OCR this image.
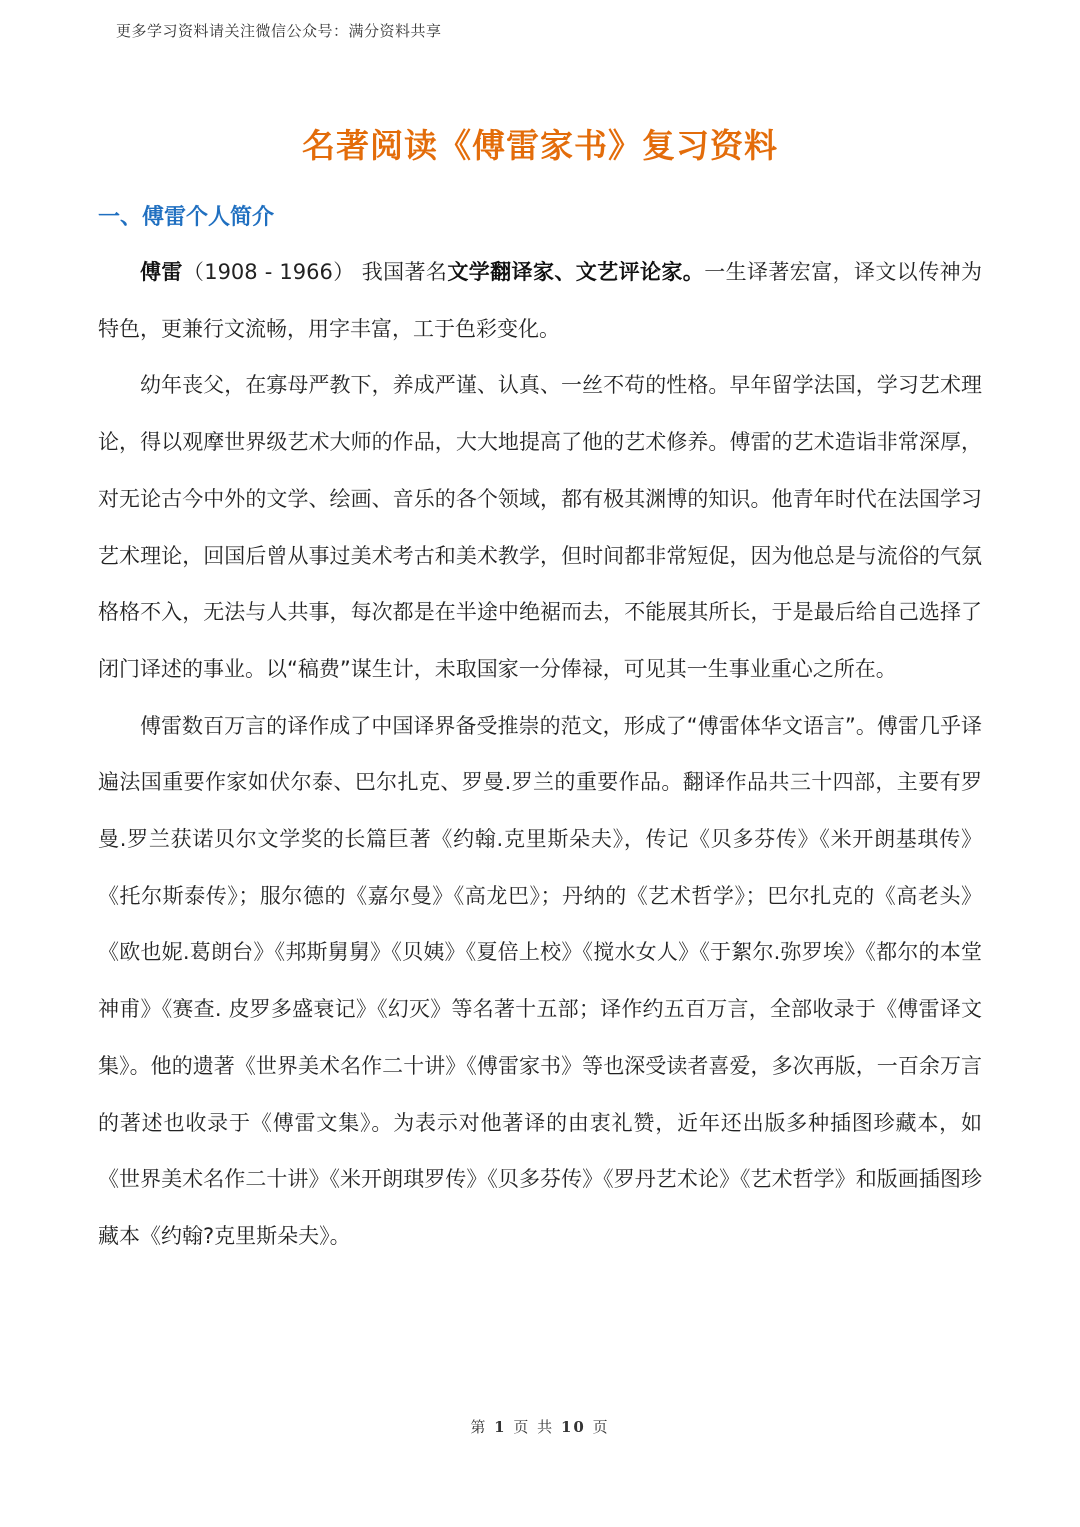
更多学习资料请关注微信公众号：满分资料共享
名著阅读《傅雷家书》复习资料
一、傅雷个人简介

傅雷（1908 - 1966） 我国著名文学翻译家、文艺评论家。一生译著宏富，译文以传神为特色，更兼行文流畅，用字丰富，工于色彩变化。

幼年丧父，在寡母严教下，养成严谨、认真、一丝不苟的性格。早年留学法国，学习艺术理论，得以观摩世界级艺术大师的作品，大大地提高了他的艺术修养。傅雷的艺术造诣非常深厚，对无论古今中外的文学、绘画、音乐的各个领域，都有极其渊博的知识。他青年时代在法国学习艺术理论，回国后曾从事过美术考古和美术教学，但时间都非常短促，因为他总是与流俗的气氛格格不入，无法与人共事，每次都是在半途中绝裾而去，不能展其所长，于是最后给自己选择了闭门译述的事业。以“稿费”谋生计，未取国家一分俸禄，可见其一生事业重心之所在。

傅雷数百万言的译作成了中国译界备受推崇的范文，形成了“傅雷体华文语言”。傅雷几乎译遍法国重要作家如伏尔泰、巴尔扎克、罗曼.罗兰的重要作品。翻译作品共三十四部，主要有罗曼.罗兰获诺贝尔文学奖的长篇巨著《约翰.克里斯朵夫》，传记《贝多芬传》《米开朗基琪传》《托尔斯泰传》；服尔德的《嘉尔曼》《高龙巴》；丹纳的《艺术哲学》；巴尔扎克的《高老头》《欧也妮.葛朗台》《邦斯舅舅》《贝姨》《夏倍上校》《搅水女人》《于絮尔.弥罗埃》《都尔的本堂神甫》《赛查. 皮罗多盛衰记》《幻灭》等名著十五部；译作约五百万言，全部收录于《傅雷译文集》。他的遗著《世界美术名作二十讲》《傅雷家书》等也深受读者喜爱，多次再版，一百余万言的著述也收录于《傅雷文集》。为表示对他著译的由衷礼赞，近年还出版多种插图珍藏本，如《世界美术名作二十讲》《米开朗琪罗传》《贝多芬传》《罗丹艺术论》《艺术哲学》和版画插图珍藏本《约翰?克里斯朵夫》。

第 1 页 共 10 页
